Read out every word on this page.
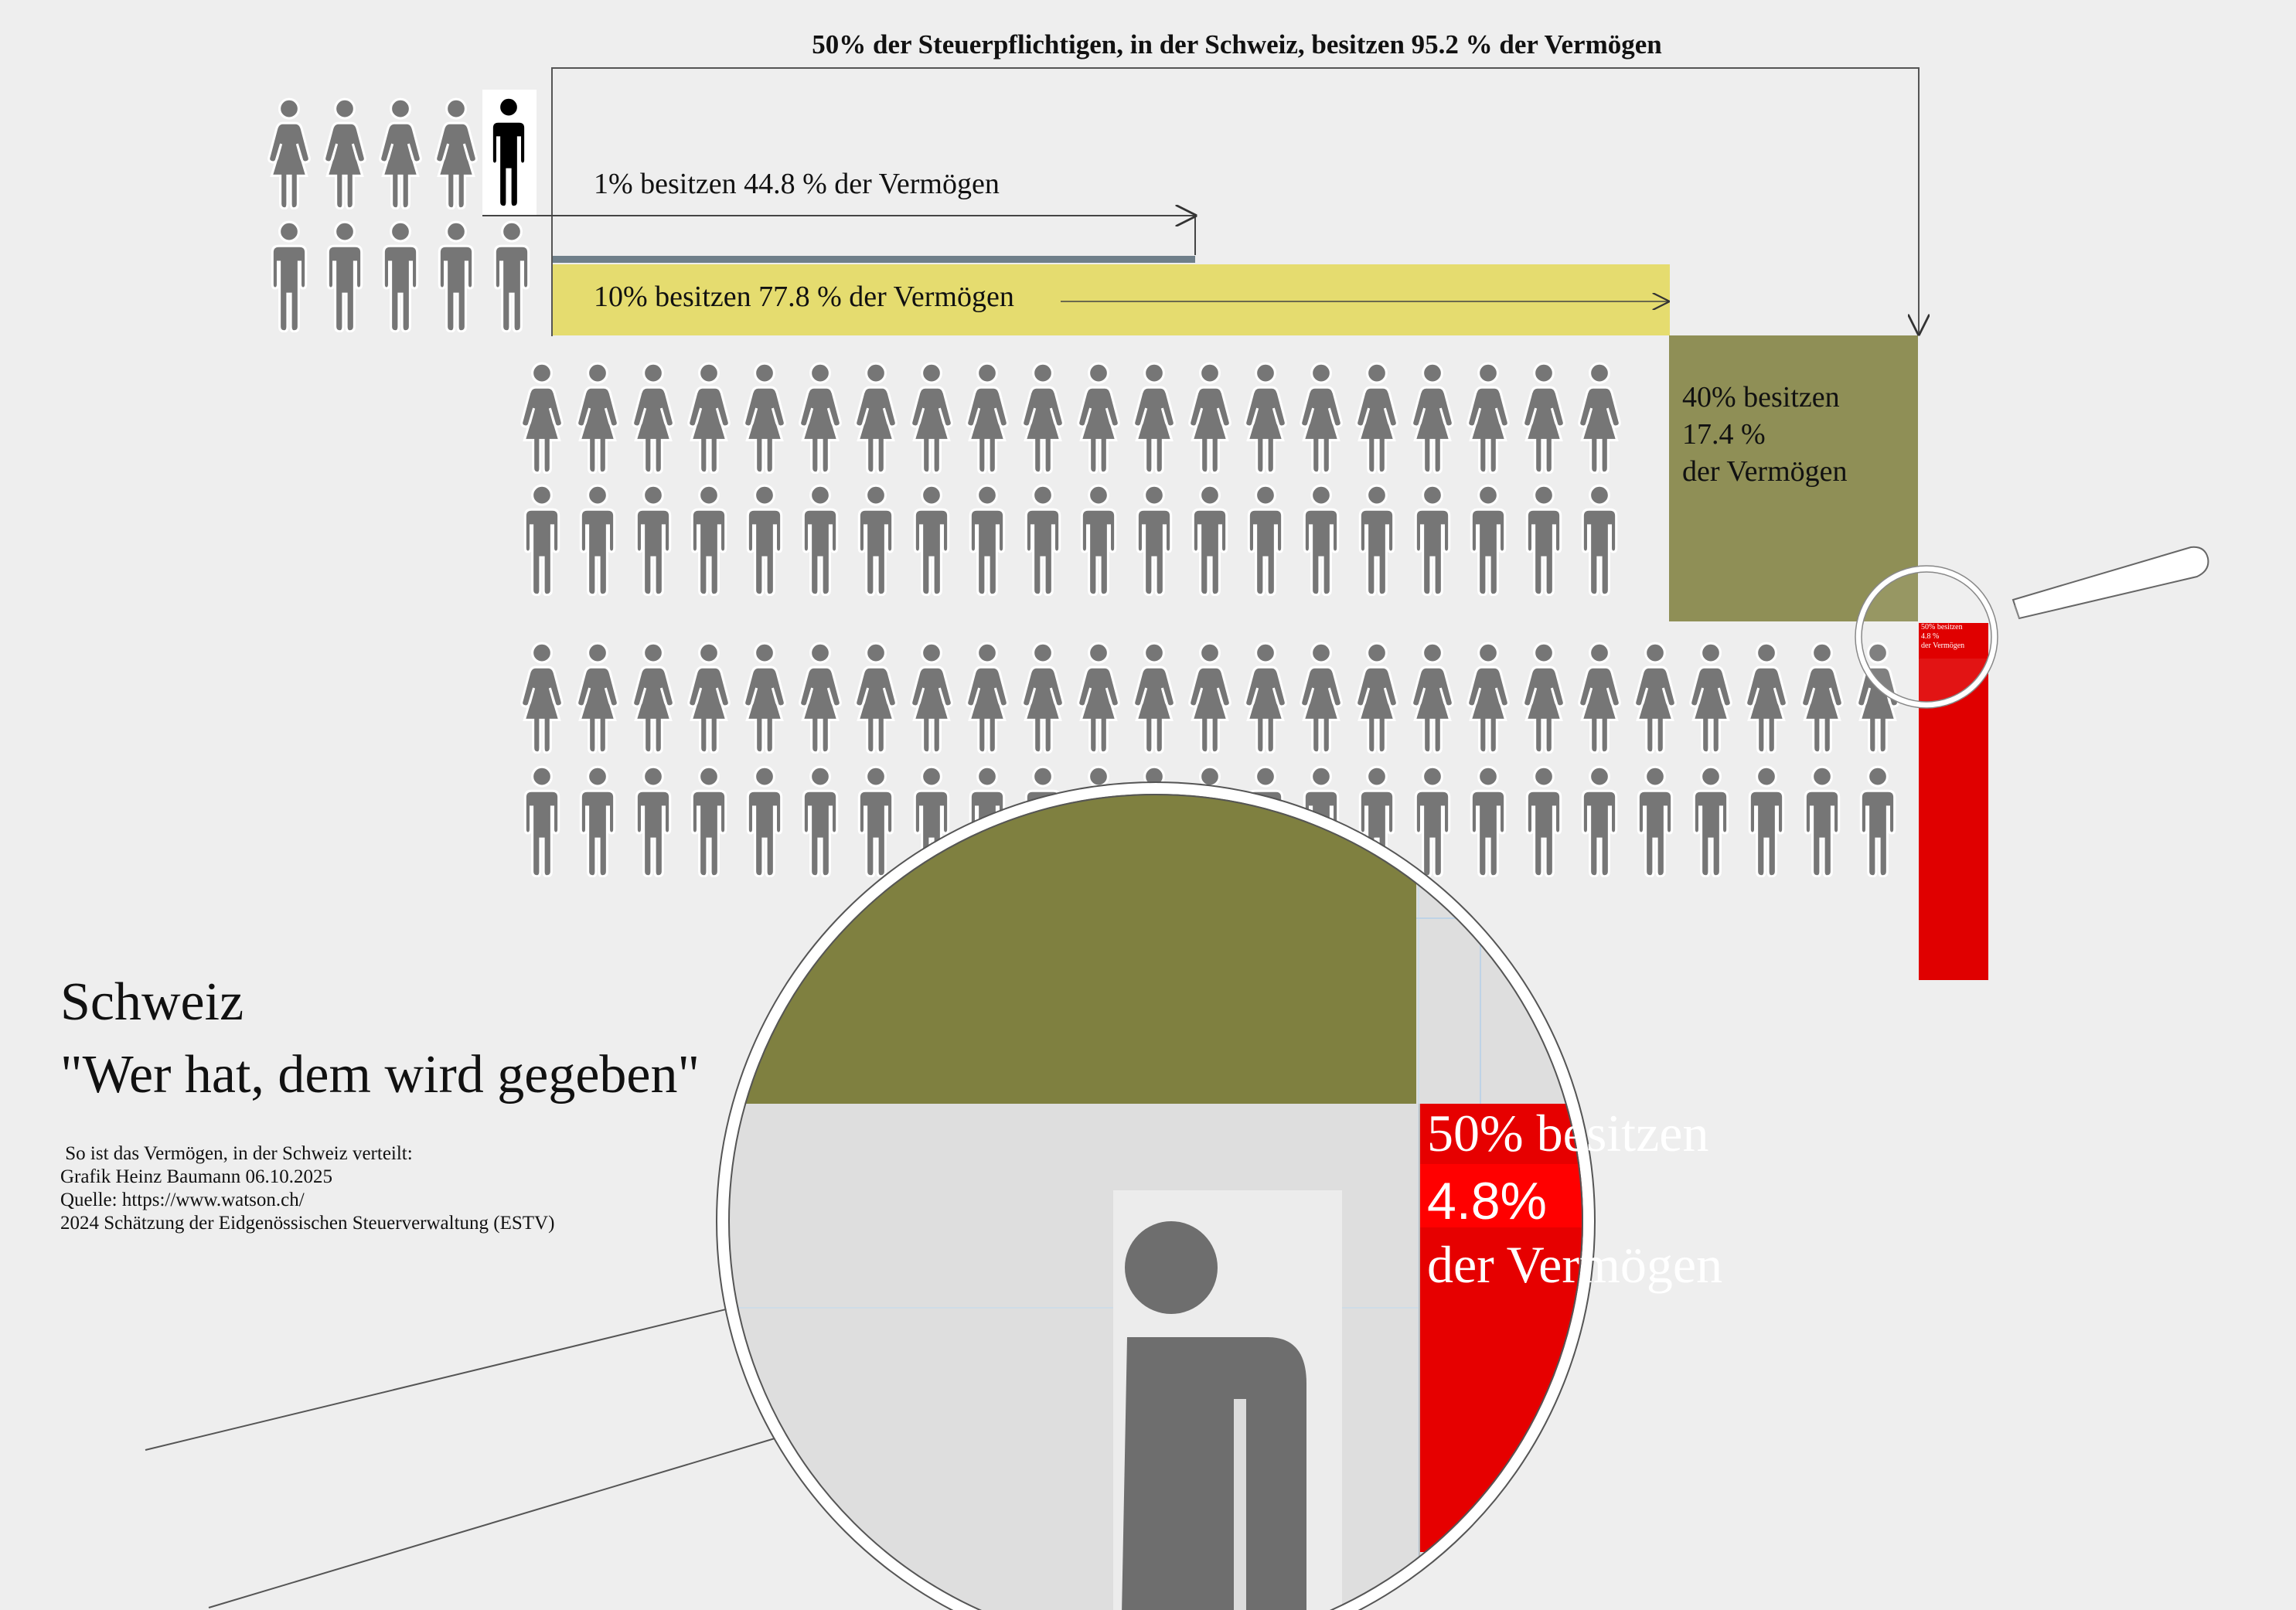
50% der Steuerpflichtigen, in der Schweiz, besitzen 95.2 % der Vermögen
1% besitzen 44.8 % der Vermögen
10% besitzen 77.8 % der Vermögen
40% besitzen
17.4 %
der Vermögen
50% besitzen
4.8 %
der Vermögen
50% besitzen
4.8%
der Vermögen
Schweiz
"Wer hat, dem wird gegeben"
So ist das Vermögen, in der Schweiz verteilt:
Grafik Heinz Baumann 06.10.2025
Quelle: https://www.watson.ch/
2024 Schätzung der Eidgenössischen Steuerverwaltung (ESTV)
